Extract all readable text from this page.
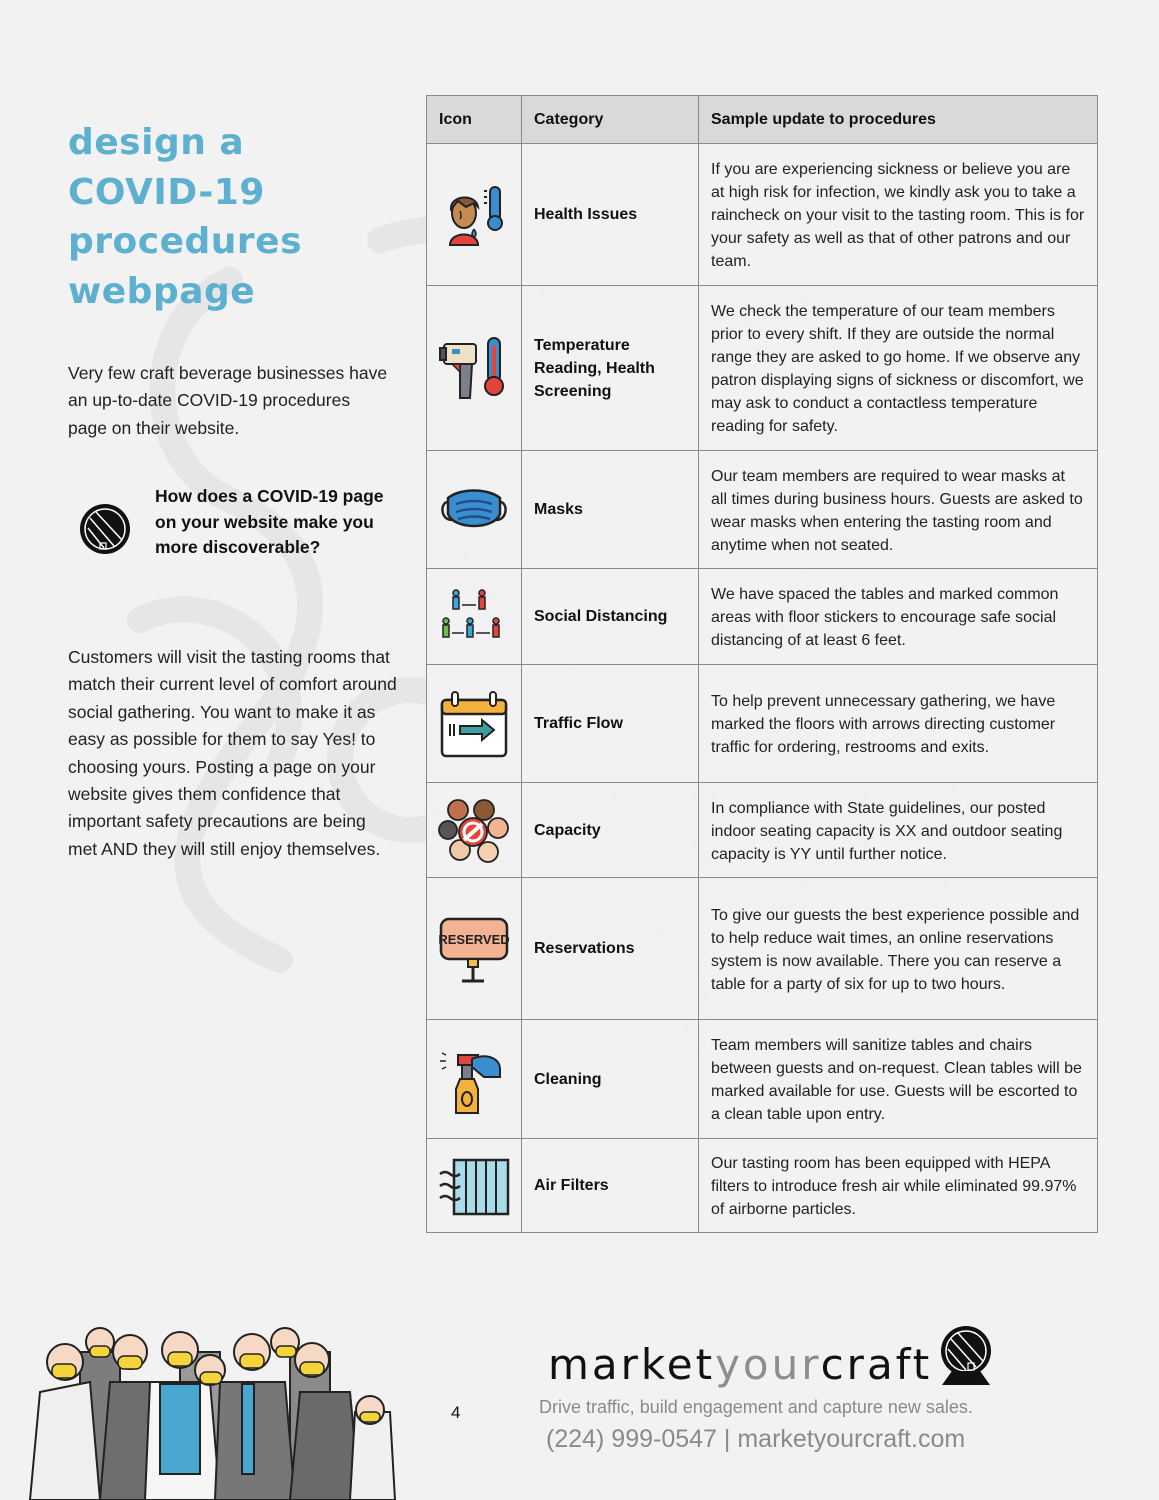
design a COVID-19 procedures webpage
Very few craft beverage businesses have an up-to-date COVID-19 procedures page on their website.
How does a COVID-19 page on your website make you more discoverable?
Customers will visit the tasting rooms that match their current level of comfort around social gathering. You want to make it as easy as possible for them to say Yes! to choosing yours. Posting a page on your website gives them confidence that important safety precautions are being met AND they will still enjoy themselves.
Icon	Category	Sample update to procedures
	Health Issues	If you are experiencing sickness or believe you are at high risk for infection, we kindly ask you to take a raincheck on your visit to the tasting room. This is for your safety as well as that of other patrons and our team.
	Temperature Reading, Health Screening	We check the temperature of our team members prior to every shift. If they are outside the normal range they are asked to go home. If we observe any patron displaying signs of sickness or discomfort, we may ask to conduct a contactless temperature reading for safety.
	Masks	Our team members are required to wear masks at all times during business hours. Guests are asked to wear masks when entering the tasting room and anytime when not seated.
	Social Distancing	We have spaced the tables and marked common areas with floor stickers to encourage safe social distancing of at least 6 feet.
	Traffic Flow	To help prevent unnecessary gathering, we have marked the floors with arrows directing customer traffic for ordering, restrooms and exits.
	Capacity	In compliance with State guidelines, our posted indoor seating capacity is XX and outdoor seating capacity is YY until further notice.

RESERVED	Reservations	To give our guests the best experience possible and to help reduce wait times, an online reservations system is now available. There you can reserve a table for a party of six for up to two hours.
	Cleaning	Team members will sanitize tables and chairs between guests and on-request. Clean tables will be marked available for use. Guests will be escorted to a clean table upon entry.
	Air Filters	Our tasting room has been equipped with HEPA filters to introduce fresh air while eliminated 99.97% of airborne particles.
4
marketyourcraft
Drive traffic, build engagement and capture new sales.
(224) 999-0547 | marketyourcraft.com
